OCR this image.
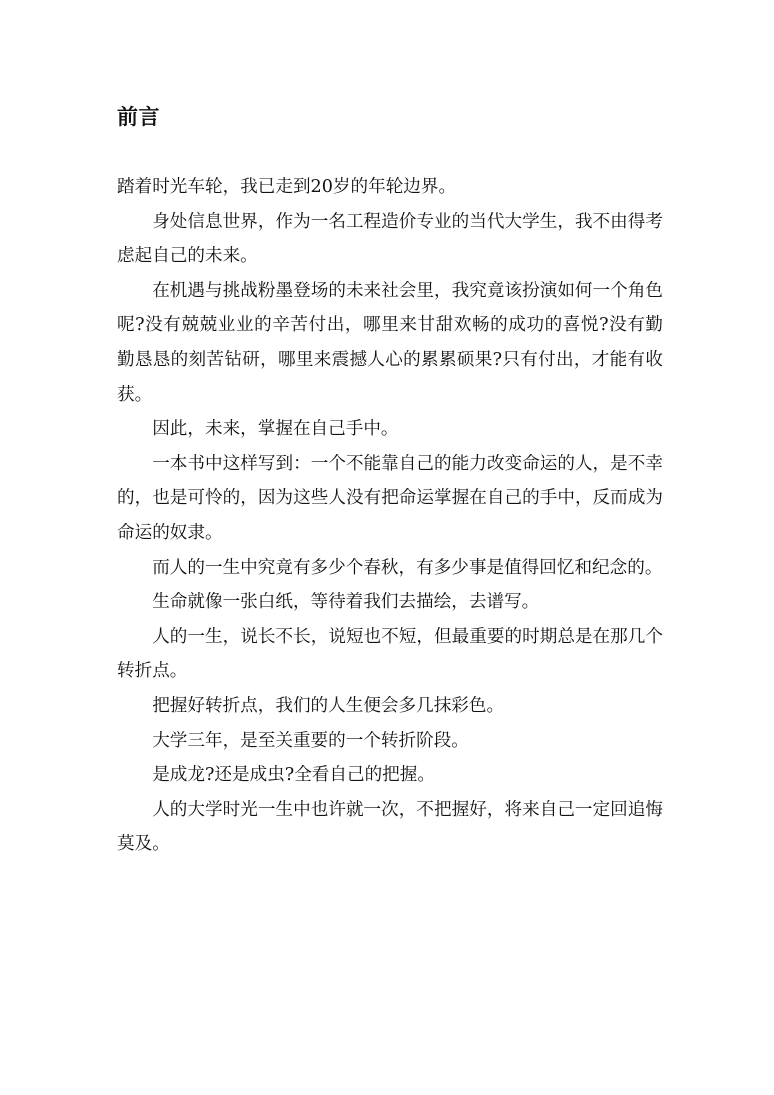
前言

踏着时光车轮，我已走到20岁的年轮边界。

身处信息世界，作为一名工程造价专业的当代大学生，我不由得考虑起自己的未来。

在机遇与挑战粉墨登场的未来社会里，我究竟该扮演如何一个角色呢?没有兢兢业业的辛苦付出，哪里来甘甜欢畅的成功的喜悦?没有勤勤恳恳的刻苦钻研，哪里来震撼人心的累累硕果?只有付出，才能有收获。

因此，未来，掌握在自己手中。

一本书中这样写到：一个不能靠自己的能力改变命运的人，是不幸的，也是可怜的，因为这些人没有把命运掌握在自己的手中，反而成为命运的奴隶。

而人的一生中究竟有多少个春秋，有多少事是值得回忆和纪念的。

生命就像一张白纸，等待着我们去描绘，去谱写。

人的一生，说长不长，说短也不短，但最重要的时期总是在那几个转折点。

把握好转折点，我们的人生便会多几抹彩色。

大学三年，是至关重要的一个转折阶段。

是成龙?还是成虫?全看自己的把握。

人的大学时光一生中也许就一次，不把握好，将来自己一定回追悔莫及。
